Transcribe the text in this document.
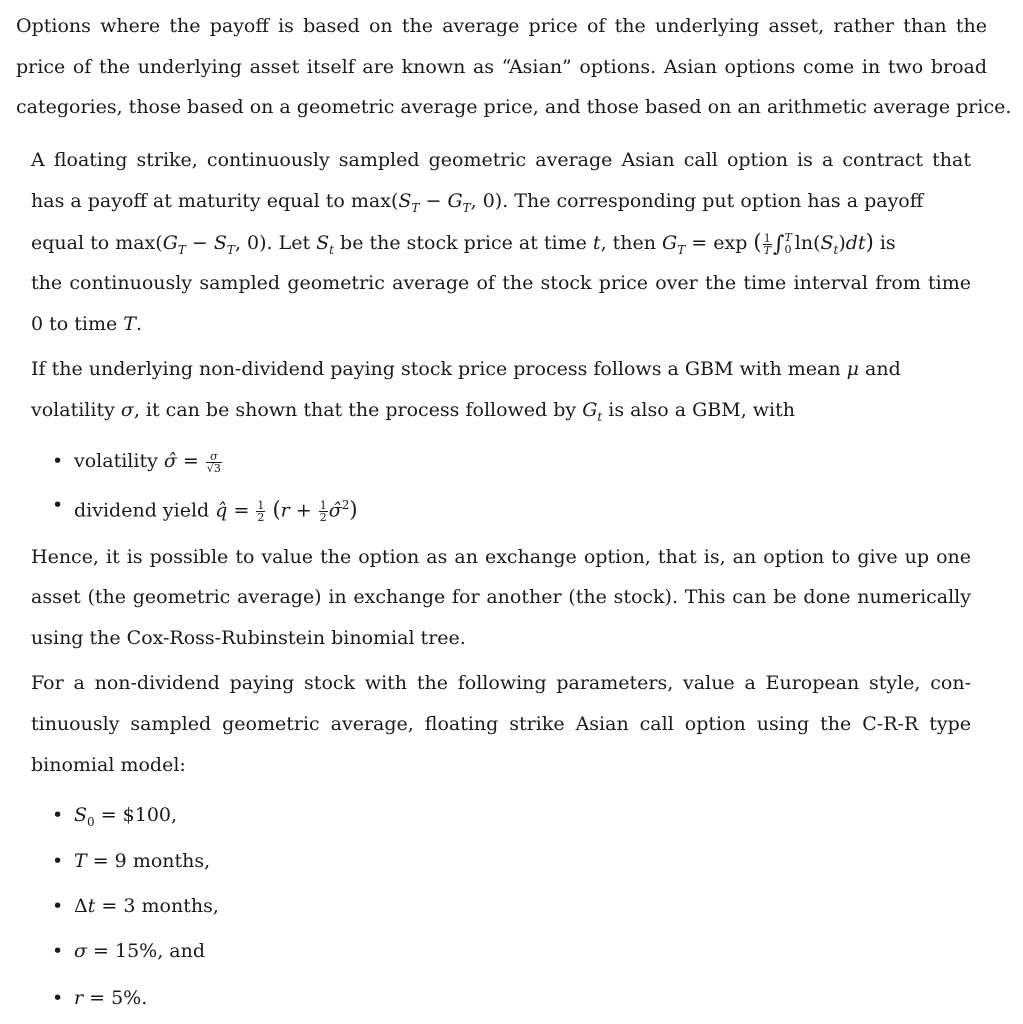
Options where the payoff is based on the average price of the underlying asset, rather than the
price of the underlying asset itself are known as “Asian” options. Asian options come in two broad
categories, those based on a geometric average price, and those based on an arithmetic average price.
A floating strike, continuously sampled geometric average Asian call option is a contract that
has a payoff at maturity equal to $\max(S_T - G_T$, 0). The corresponding put option has a payoff
equal to $\max(G_T - S_T$, 0). Let $S_t$ be the stock price at time t, then $G_T = \exp$ ( $\frac{1}{T}$ ∫ T
0 $\ln(S_t)dt$) is
the continuously sampled geometric average of the stock price over the time interval from time
0 to time T.
If the underlying non-dividend paying stock price process follows a GBM with mean μ and
volatility σ, it can be shown that the process followed by $G_t$ is also a GBM, with
• volatility σ̂ = $\frac{\sigma}{√3}$
• dividend yield q̂ = $\frac{1}{2} (r + \frac{1}{2}$ σ̂$^2$)
Hence, it is possible to value the option as an exchange option, that is, an option to give up one
asset (the geometric average) in exchange for another (the stock). This can be done numerically
using the Cox-Ross-Rubinstein binomial tree.
For a non-dividend paying stock with the following parameters, value a European style, con-
tinuously sampled geometric average, floating strike Asian call option using the C-R-R type
binomial model:
• $S_0$ = $100,
• T = 9 months,
• Δt = 3 months,
• σ = 15%, and
• r = 5%.
